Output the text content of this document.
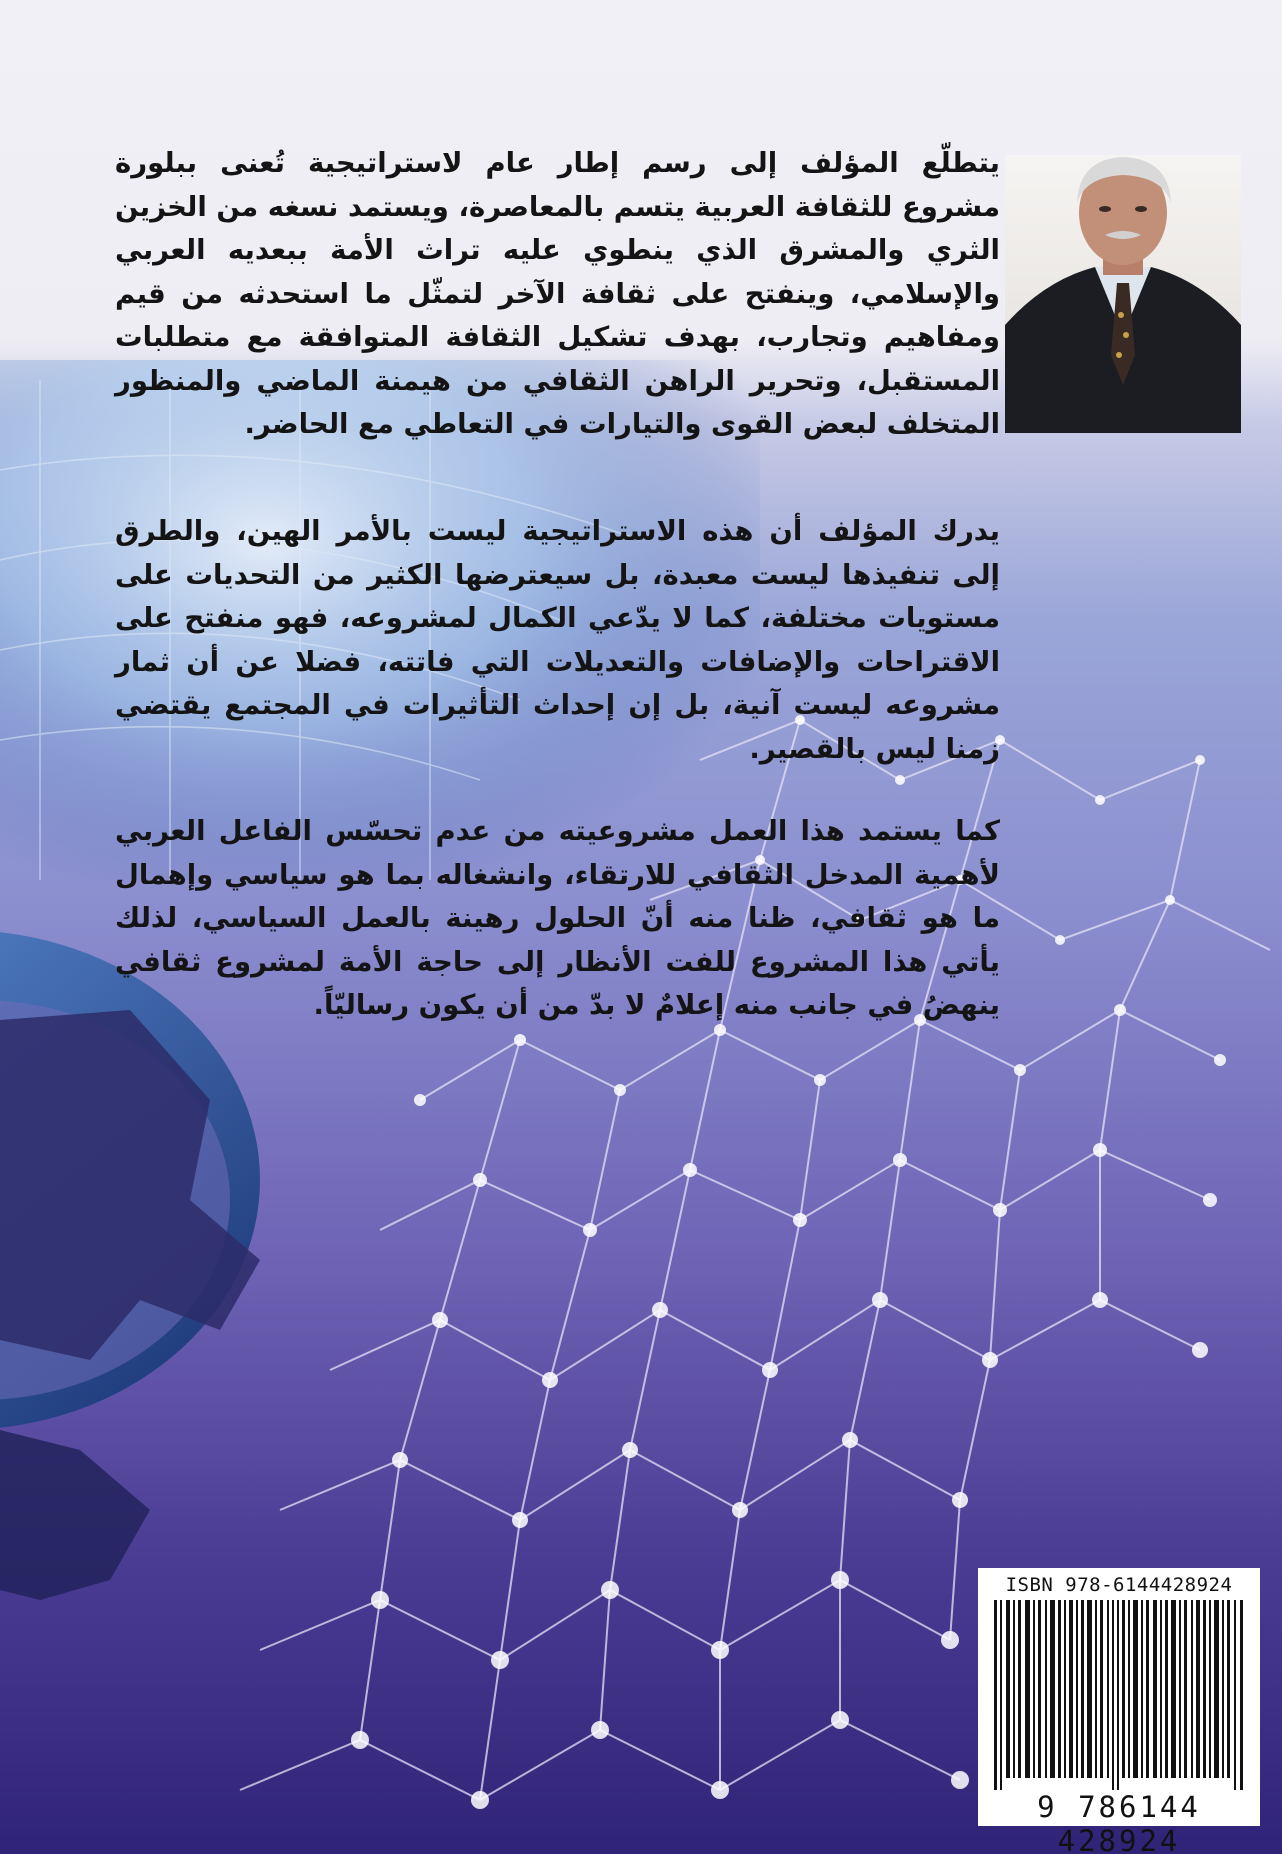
يتطلّع المؤلف إلى رسم إطار عام لاستراتيجية تُعنى ببلورة مشروع للثقافة العربية يتسم بالمعاصرة، ويستمد نسغه من الخزين الثري والمشرق الذي ينطوي عليه تراث الأمة ببعديه العربي والإسلامي، وينفتح على ثقافة الآخر لتمثّل ما استحدثه من قيم ومفاهيم وتجارب، بهدف تشكيل الثقافة المتوافقة مع متطلبات المستقبل، وتحرير الراهن الثقافي من هيمنة الماضي والمنظور المتخلف لبعض القوى والتيارات في التعاطي مع الحاضر.

يدرك المؤلف أن هذه الاستراتيجية ليست بالأمر الهين، والطرق إلى تنفيذها ليست معبدة، بل سيعترضها الكثير من التحديات على مستويات مختلفة، كما لا يدّعي الكمال لمشروعه، فهو منفتح على الاقتراحات والإضافات والتعديلات التي فاتته، فضلا عن أن ثمار مشروعه ليست آنية، بل إن إحداث التأثيرات في المجتمع يقتضي زمنا ليس بالقصير.

كما يستمد هذا العمل مشروعيته من عدم تحسّس الفاعل العربي لأهمية المدخل الثقافي للارتقاء، وانشغاله بما هو سياسي وإهمال ما هو ثقافي، ظنا منه أنّ الحلول رهينة بالعمل السياسي، لذلك يأتي هذا المشروع للفت الأنظار إلى حاجة الأمة لمشروع ثقافي ينهضُ في جانب منه إعلامٌ لا بدّ من أن يكون رساليّاً.

ISBN 978-6144428924
9 786144 428924
